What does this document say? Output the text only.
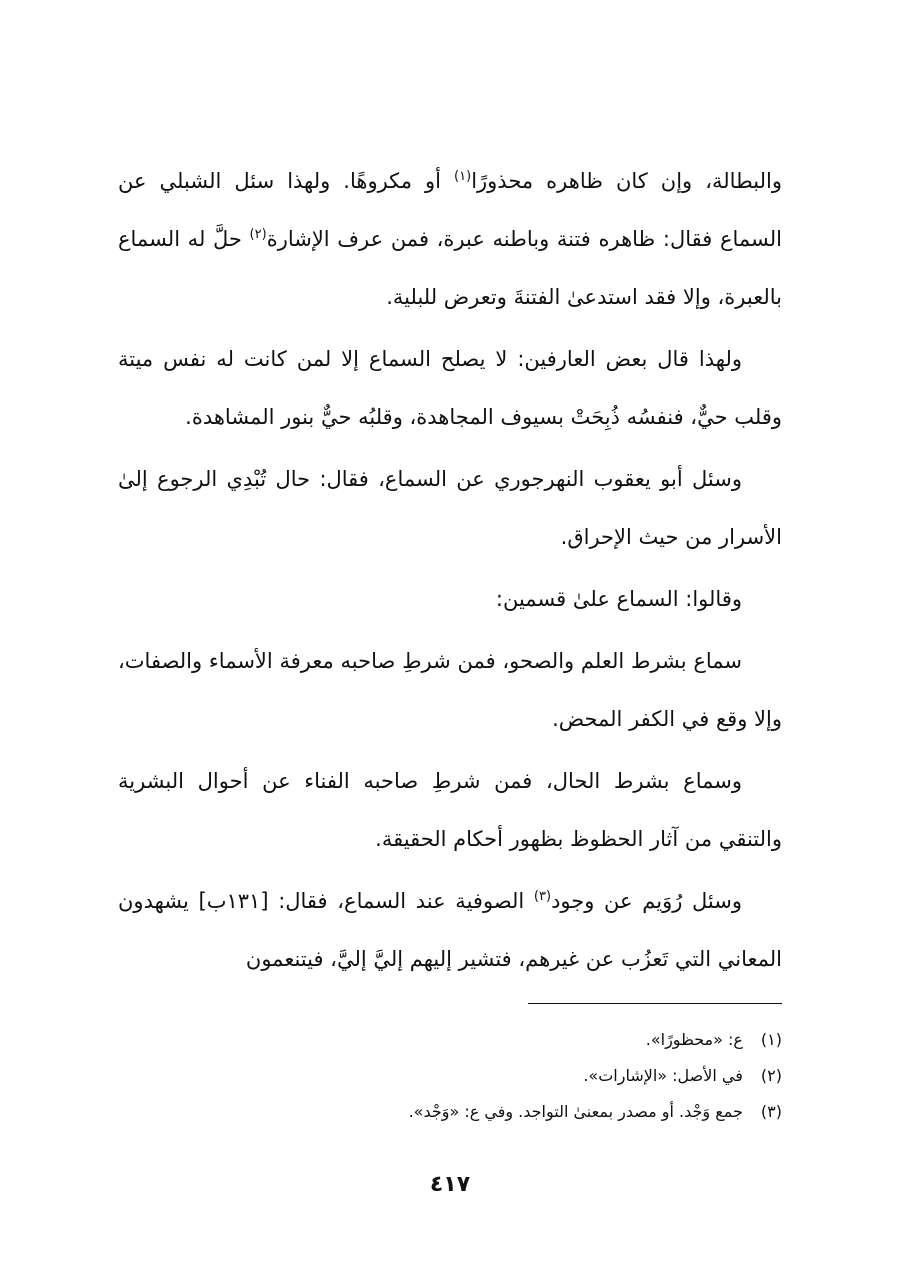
والبطالة، وإن كان ظاهره محذورًا$^{(١)}$ أو مكروهًا. ولهذا سئل الشبلي عن السماع فقال: ظاهره فتنة وباطنه عبرة، فمن عرف الإشارة$^{(٢)}$ حلَّ له السماع بالعبرة، وإلا فقد استدعىٰ الفتنةَ وتعرض للبلية.

ولهذا قال بعض العارفين: لا يصلح السماع إلا لمن كانت له نفس ميتة وقلب حيٌّ، فنفسُه ذُبِحَتْ بسيوف المجاهدة، وقلبُه حيٌّ بنور المشاهدة.

وسئل أبو يعقوب النهرجوري عن السماع، فقال: حال تُبْدِي الرجوع إلىٰ الأسرار من حيث الإحراق.

وقالوا: السماع علىٰ قسمين:

سماع بشرط العلم والصحو، فمن شرطِ صاحبه معرفة الأسماء والصفات، وإلا وقع في الكفر المحض.

وسماع بشرط الحال، فمن شرطِ صاحبه الفناء عن أحوال البشرية والتنقي من آثار الحظوظ بظهور أحكام الحقيقة.

وسئل رُوَيم عن وجود$^{(٣)}$ الصوفية عند السماع، فقال: [١٣١ب] يشهدون المعاني التي تَعزُب عن غيرهم، فتشير إليهم إليَّ إليَّ، فيتنعمون

(١) ع: «محظورًا».
(٢) في الأصل: «الإشارات».
(٣) جمع وَجْد. أو مصدر بمعنىٰ التواجد. وفي ع: «وَجْد».
٤١٧
